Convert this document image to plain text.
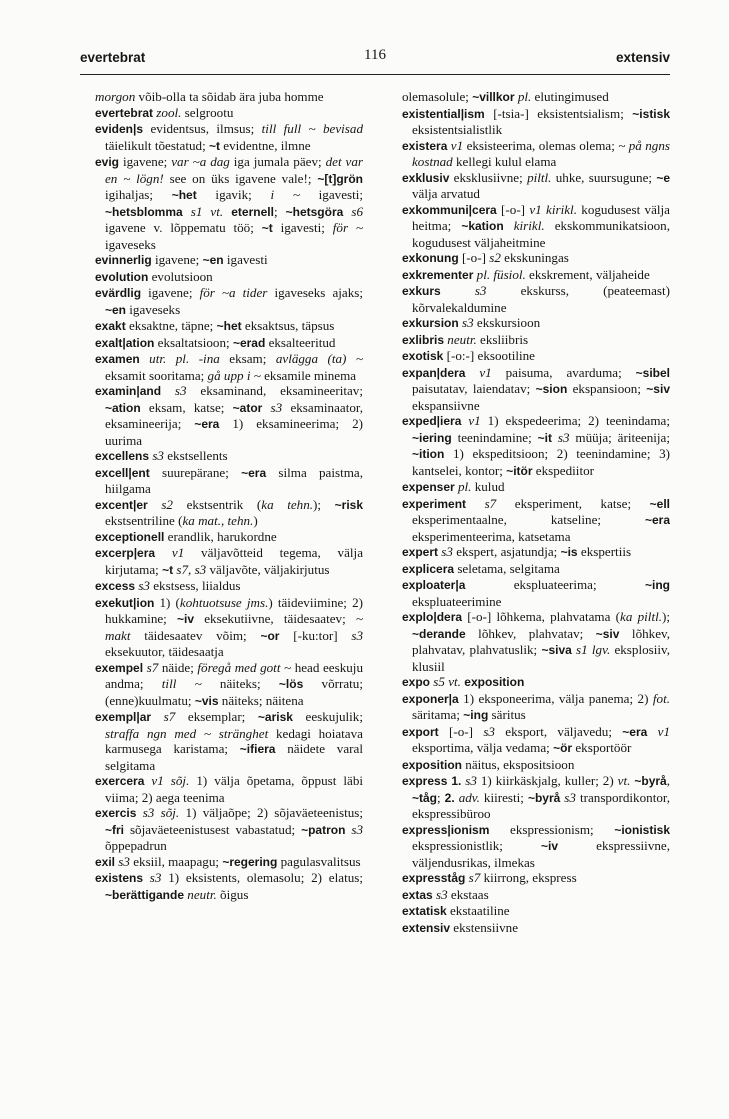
evertebrat	116	extensiv

morgon võib-olla ta sõidab ära juba homme

evertebrat zool. selgrootu

eviden|s evidentsus, ilmsus; till full ~ bevisad täielikult tõestatud; ~t evidentne, ilmne

evig igavene; var ~a dag iga jumala päev; det var en ~ lögn! see on üks igavene vale!; ~[t]grön igihaljas; ~het igavik; i ~ igavesti; ~hetsblomma s1 vt. eternell; ~hetsgöra s6 igavene v. lõppematu töö; ~t igavesti; för ~ igaveseks

evinnerlig igavene; ~en igavesti

evolution evolutsioon

evärdlig igavene; för ~a tider igaveseks ajaks; ~en igaveseks

exakt eksaktne, täpne; ~het eksaktsus, täpsus

exalt|ation eksaltatsioon; ~erad eksalteeritud

examen utr. pl. -ina eksam; avlägga (ta) ~ eksamit sooritama; gå upp i ~ eksamile minema

examin|and s3 eksaminand, eksamineeritav; ~ation eksam, katse; ~ator s3 eksaminaator, eksamineerija; ~era 1) eksamineerima; 2) uurima

excellens s3 ekstsellents

excell|ent suurepärane; ~era silma paistma, hiilgama

excent|er s2 ekstsentrik (ka tehn.); ~risk ekstsentriline (ka mat., tehn.)

exceptionell erandlik, harukordne

excerp|era v1 väljavõtteid tegema, välja kirjutama; ~t s7, s3 väljavõte, väljakirjutus

excess s3 ekstsess, liialdus

exekut|ion 1) (kohtuotsuse jms.) täideviimine; 2) hukkamine; ~iv eksekutiivne, täidesaatev; ~ makt täidesaatev võim; ~or [-ku:tor] s3 eksekuutor, täidesaatja

exempel s7 näide; föregå med gott ~ head eeskuju andma; till ~ näiteks; ~lös võrratu; (enne)kuulmatu; ~vis näiteks; näitena

exempl|ar s7 eksemplar; ~arisk eeskujulik; straffa ngn med ~ stränghet kedagi hoiatava karmusega karistama; ~ifiera näidete varal selgitama

exercera v1 sõj. 1) välja õpetama, õppust läbi viima; 2) aega teenima

exercis s3 sõj. 1) väljaõpe; 2) sõjaväeteenistus; ~fri sõjaväeteenistusest vabastatud; ~patron s3 õppepadrun

exil s3 eksiil, maapagu; ~regering pagulasvalitsus

existens s3 1) eksistents, olemasolu; 2) elatus; ~berättigande neutr. õigus

olemasolule; ~villkor pl. elutingimused

existential|ism [-tsia-] eksistentsialism; ~istisk eksistentsialistlik

existera v1 eksisteerima, olemas olema; ~ på ngns kostnad kellegi kulul elama

exklusiv eksklusiivne; piltl. uhke, suursugune; ~e välja arvatud

exkommuni|cera [-o-] v1 kirikl. kogudusest välja heitma; ~kation kirikl. ekskommunikatsioon, kogudusest väljaheitmine

exkonung [-o-] s2 ekskuningas

exkrementer pl. füsiol. ekskrement, väljaheide

exkurs s3 ekskurss, (peateemast) kõrvalekaldumine

exkursion s3 ekskursioon

exlibris neutr. eksliibris

exotisk [-o:-] eksootiline

expan|dera v1 paisuma, avarduma; ~sibel paisutatav, laiendatav; ~sion ekspansioon; ~siv ekspansiivne

exped|iera v1 1) ekspedeerima; 2) teenindama; ~iering teenindamine; ~it s3 müüja; äriteenija; ~ition 1) ekspeditsioon; 2) teenindamine; 3) kantselei, kontor; ~itör ekspediitor

expenser pl. kulud

experiment s7 eksperiment, katse; ~ell eksperimentaalne, katseline; ~era eksperimenteerima, katsetama

expert s3 ekspert, asjatundja; ~is ekspertiis

explicera seletama, selgitama

exploater|a ekspluateerima; ~ing ekspluateerimine

explo|dera [-o-] lõhkema, plahvatama (ka piltl.); ~derande lõhkev, plahvatav; ~siv lõhkev, plahvatav, plahvatuslik; ~siva s1 lgv. eksplosiiv, klusiil

expo s5 vt. exposition

exponer|a 1) eksponeerima, välja panema; 2) fot. säritama; ~ing säritus

export [-o-] s3 eksport, väljavedu; ~era v1 eksportima, välja vedama; ~ör eksportöör

exposition näitus, ekspositsioon

express 1. s3 1) kiirkäskjalg, kuller; 2) vt. ~byrå, ~tåg; 2. adv. kiiresti; ~byrå s3 transpordikontor, ekspressibüroo

express|ionism ekspressionism; ~ionistisk ekspressionistlik; ~iv ekspressiivne, väljendusrikas, ilmekas

expresståg s7 kiirrong, ekspress

extas s3 ekstaas

extatisk ekstaatiline

extensiv ekstensiivne
